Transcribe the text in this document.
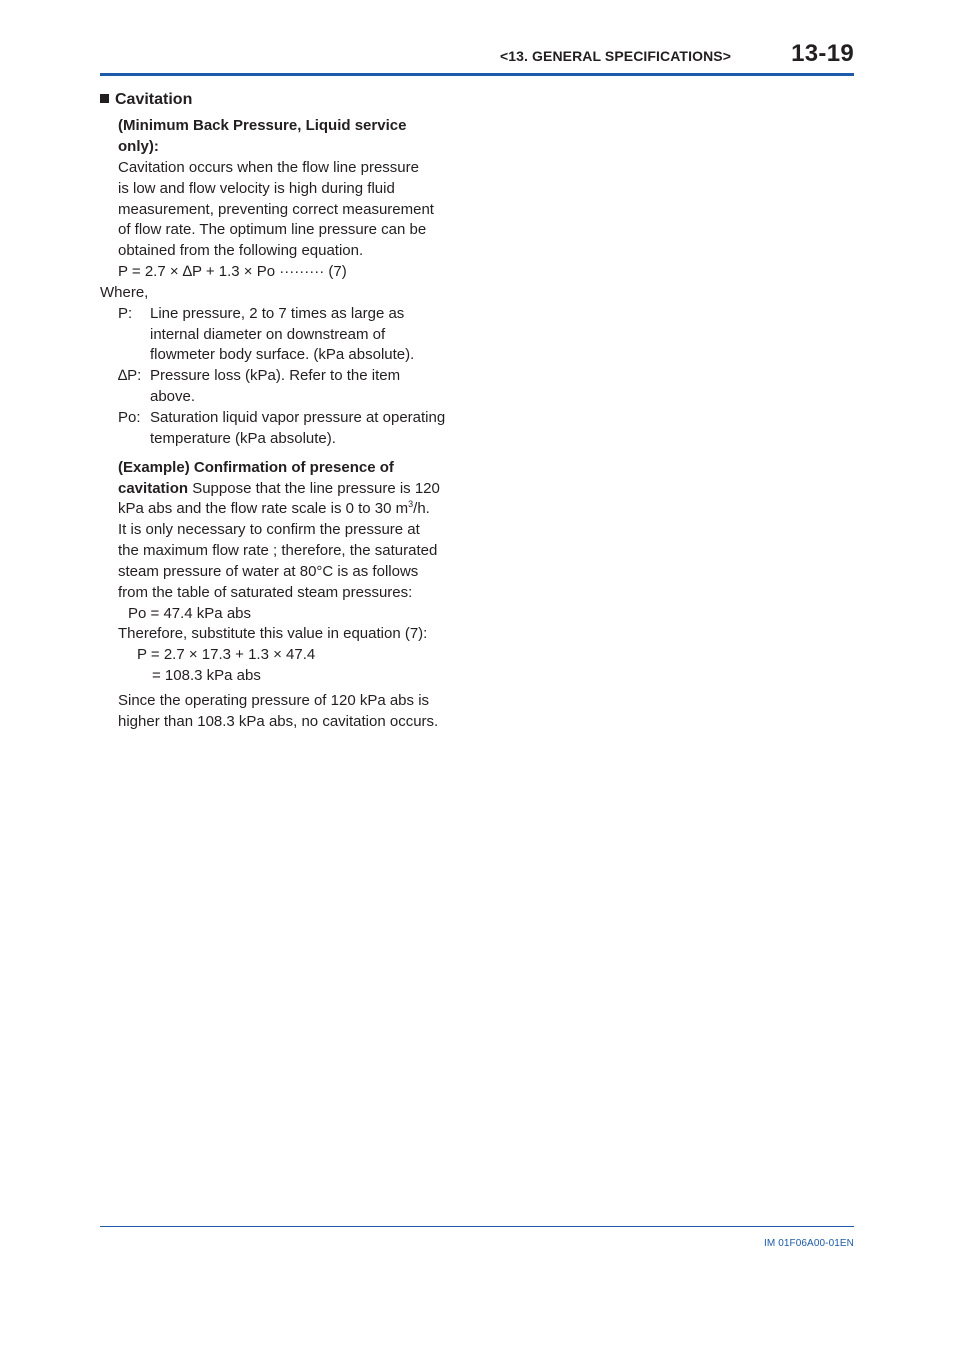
<13. GENERAL SPECIFICATIONS>	13-19
Cavitation
(Minimum Back Pressure, Liquid service
only):
Cavitation occurs when the flow line pressure
is low and flow velocity is high during fluid
measurement, preventing correct measurement
of flow rate. The optimum line pressure can be
obtained from the following equation.
P = 2.7 × ∆P + 1.3 × Po ········· (7)
Where,
P: Line pressure, 2 to 7 times as large as
internal diameter on downstream of
flowmeter body surface. (kPa absolute).
∆P: Pressure loss (kPa). Refer to the item
above.
Po: Saturation liquid vapor pressure at operating
temperature (kPa absolute).
(Example) Confirmation of presence of
cavitation Suppose that the line pressure is 120
kPa abs and the flow rate scale is 0 to 30 $m^3/h$.
It is only necessary to confirm the pressure at
the maximum flow rate ; therefore, the saturated
steam pressure of water at 80°C is as follows
from the table of saturated steam pressures:
Po = 47.4 kPa abs
Therefore, substitute this value in equation (7):
P = 2.7 × 17.3 + 1.3 × 47.4
= 108.3 kPa abs
Since the operating pressure of 120 kPa abs is
higher than 108.3 kPa abs, no cavitation occurs.
IM 01F06A00-01EN
